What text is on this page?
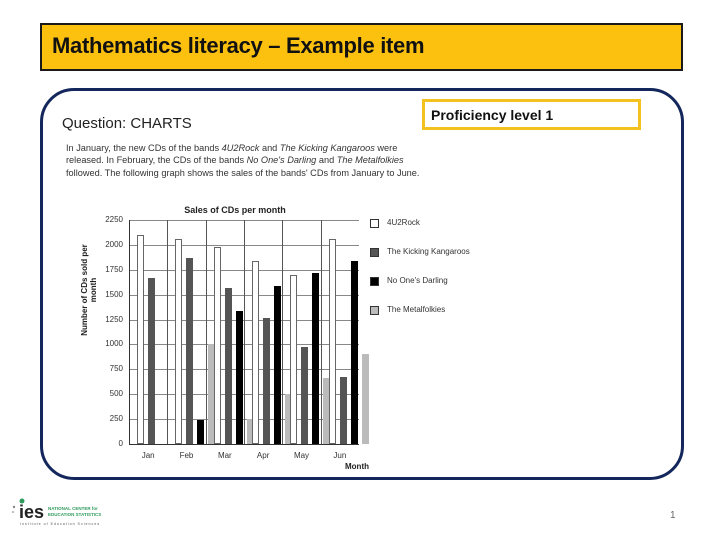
Mathematics literacy – Example item
Question: CHARTS	Proficiency level 1
In January, the new CDs of the bands 4U2Rock and The Kicking Kangaroos were released. In February, the CDs of the bands No One's Darling and The Metalfolkies followed. The following graph shows the sales of the bands' CDs from January to June.
Sales of CDs per month
Number of CDs sold per month
0
250
500
750
1000
1250
1500
1750
2000
2250
Jan	Feb	Mar	Apr	May	Jun
Month
4U2Rock
The Kicking Kangaroos
No One's Darling
The Metalfolkies
ies NATIONAL CENTER for
EDUCATION STATISTICS
Institute of Education Sciences
1
